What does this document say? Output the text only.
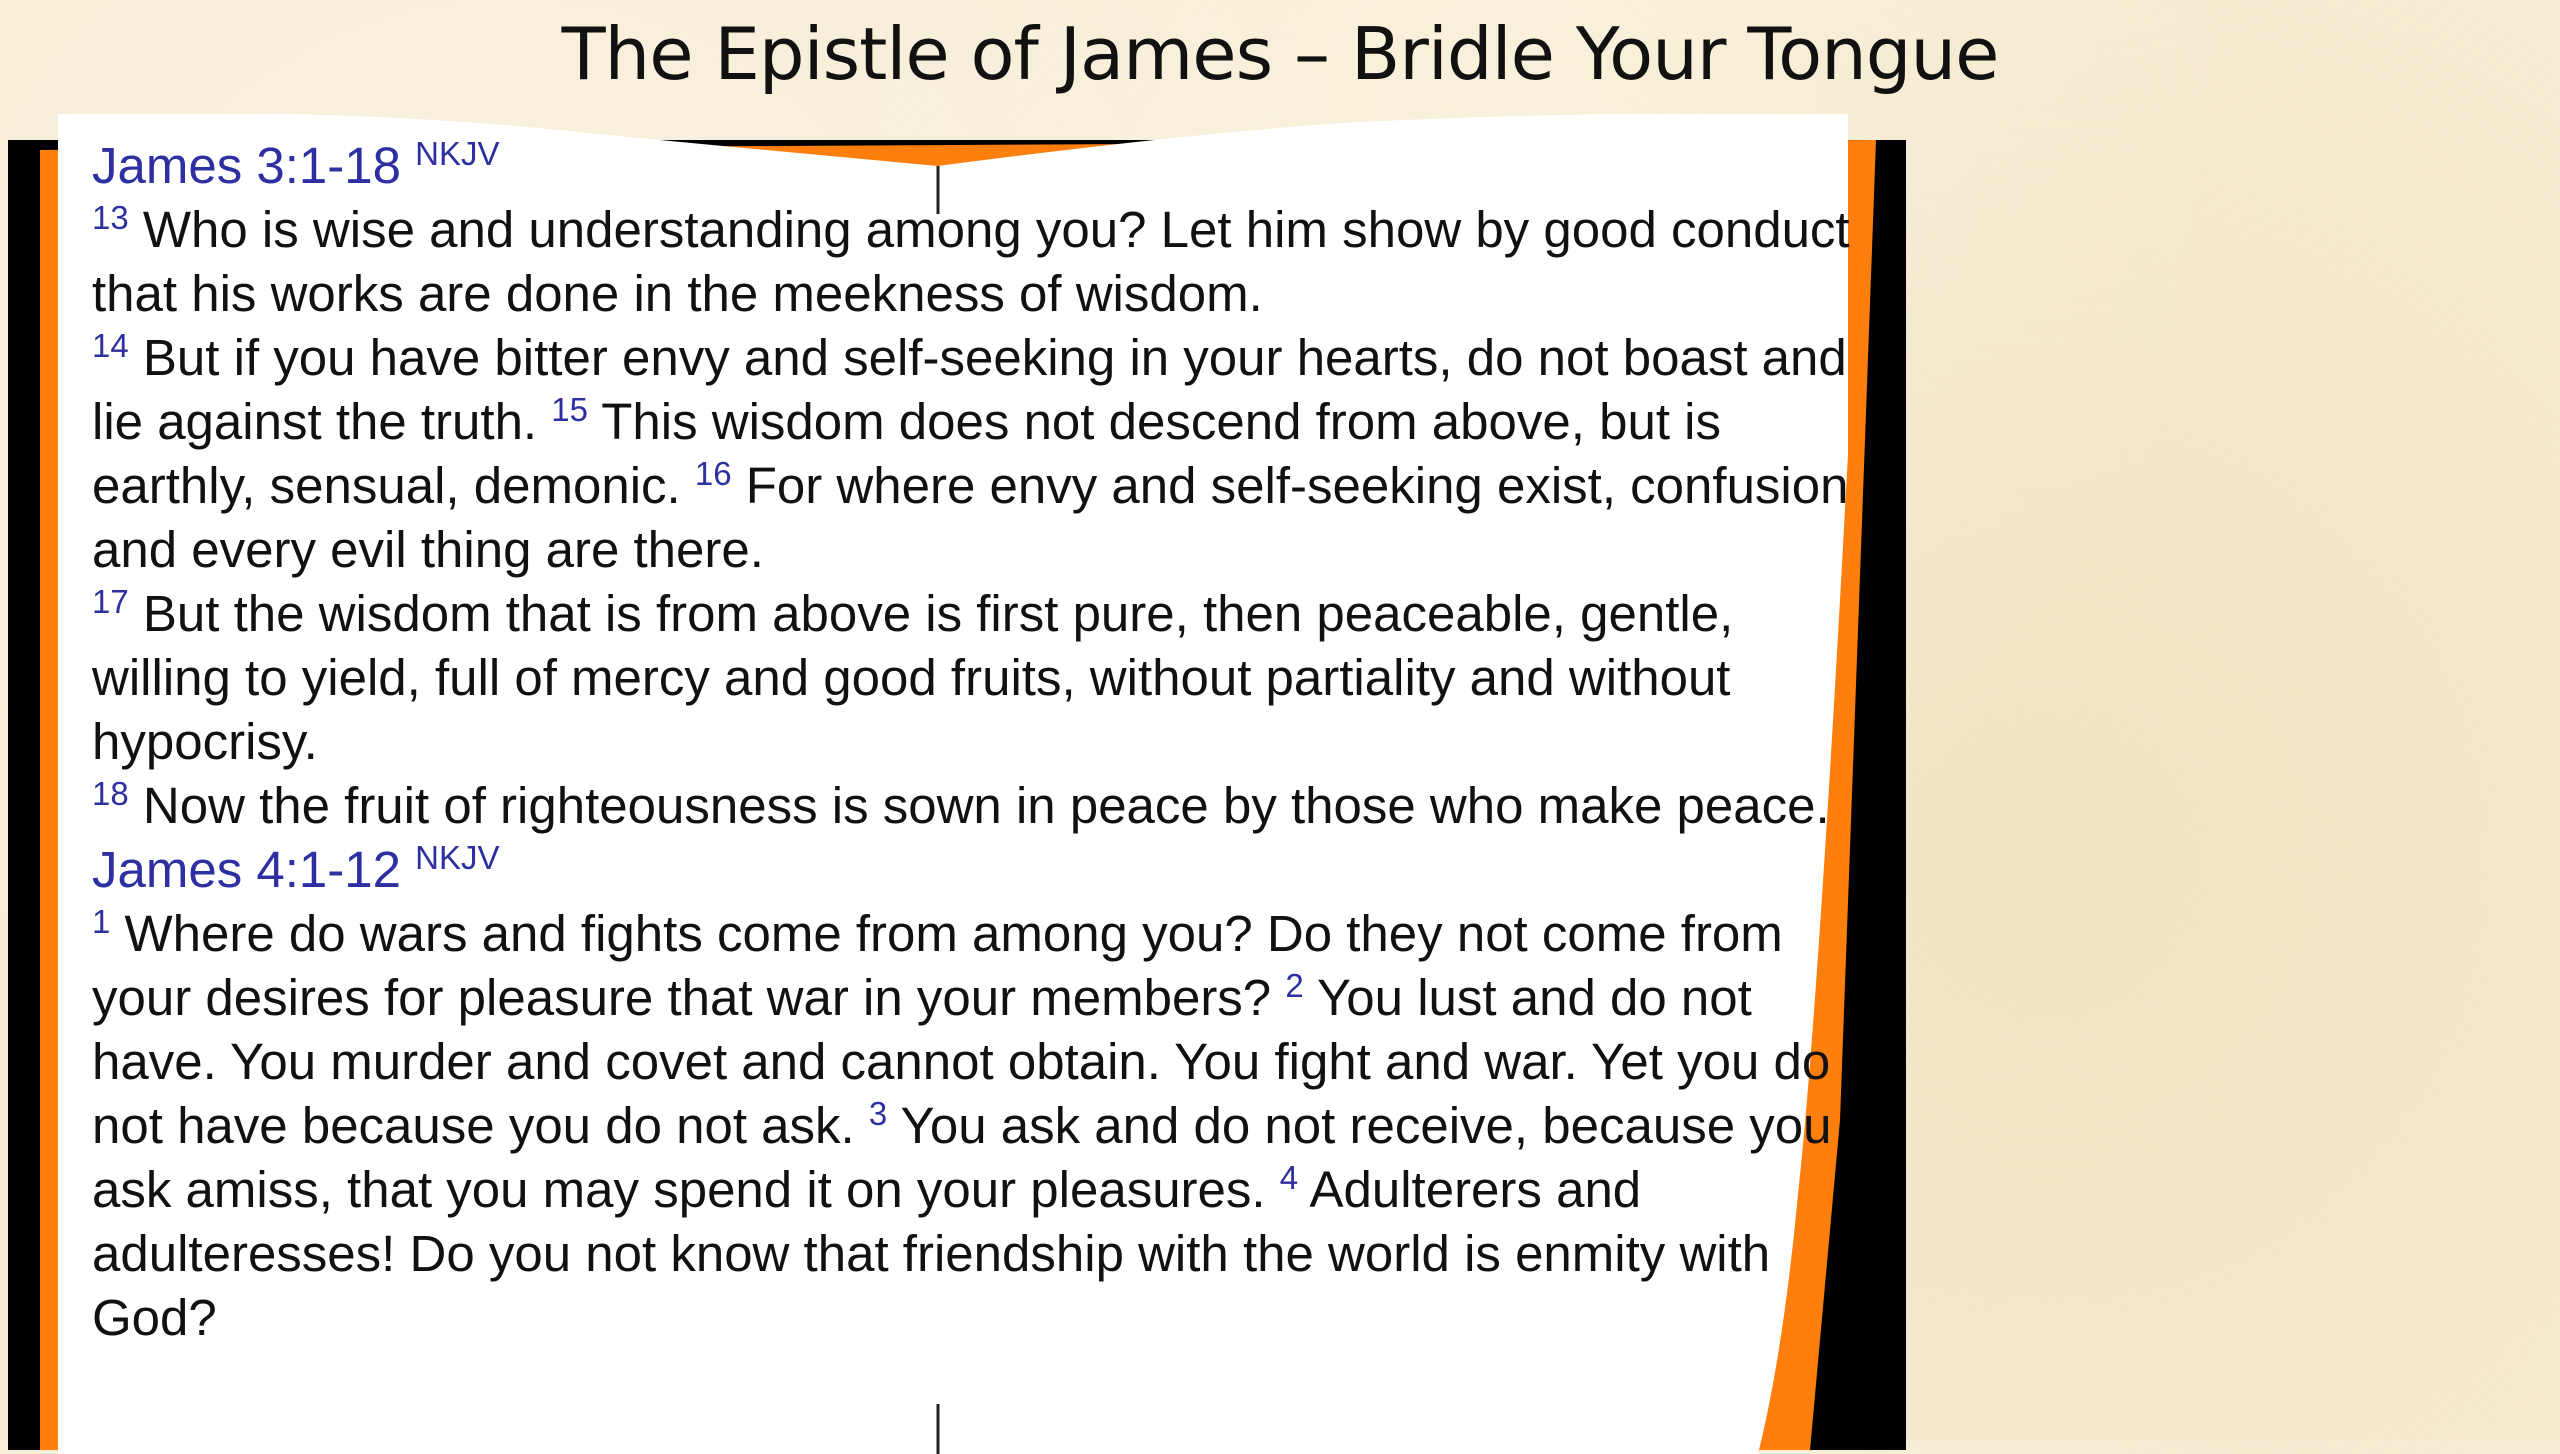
The Epistle of James – Bridle Your Tongue

James 3:1-18 $^{NKJV}$

$^{13}$ Who is wise and understanding among you? Let him show by good conduct that his works are done in the meekness of wisdom.

$^{14}$ But if you have bitter envy and self-seeking in your hearts, do not boast and lie against the truth. $^{15}$ This wisdom does not descend from above, but is earthly, sensual, demonic. $^{16}$ For where envy and self-seeking exist, confusion and every evil thing are there.

$^{17}$ But the wisdom that is from above is first pure, then peaceable, gentle, willing to yield, full of mercy and good fruits, without partiality and without hypocrisy.

$^{18}$ Now the fruit of righteousness is sown in peace by those who make peace.

James 4:1-12 $^{NKJV}$

$^1$ Where do wars and fights come from among you? Do they not come from your desires for pleasure that war in your members? $^2$ You lust and do not have. You murder and covet and cannot obtain. You fight and war. Yet you do not have because you do not ask. $^3$ You ask and do not receive, because you ask amiss, that you may spend it on your pleasures. $^4$ Adulterers and adulteresses! Do you not know that friendship with the world is enmity with God?
